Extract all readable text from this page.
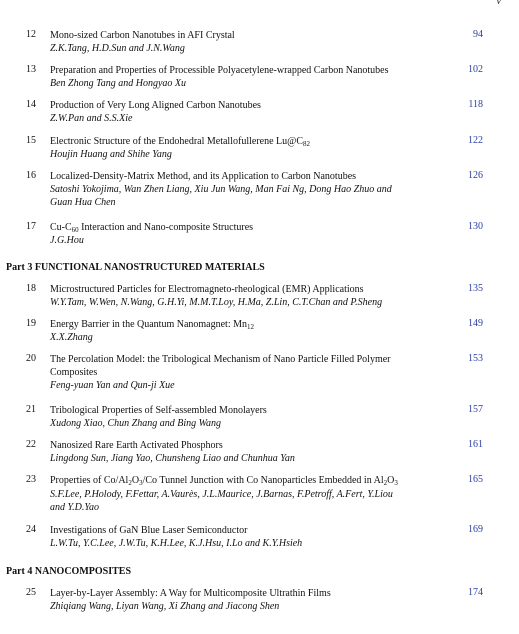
v
12 Mono-sized Carbon Nanotubes in AFI Crystal
Z.K.Tang, H.D.Sun and J.N.Wang
94
13 Preparation and Properties of Processible Polyacetylene-wrapped Carbon Nanotubes
Ben Zhong Tang and Hongyao Xu
102
14 Production of Very Long Aligned Carbon Nanotubes
Z.W.Pan and S.S.Xie
118
15 Electronic Structure of the Endohedral Metallofullerene $Lu@C_{82}$
Houjin Huang and Shihe Yang
122
16 Localized-Density-Matrix Method, and its Application to Carbon Nanotubes
Satoshi Yokojima, Wan Zhen Liang, Xiu Jun Wang, Man Fai Ng, Dong Hao Zhuo and
Guan Hua Chen
126
17 $Cu-C_{60}$ Interaction and Nano-composite Structures
J.G.Hou
130
Part 3 FUNCTIONAL NANOSTRUCTURED MATERIALS
18 Microstructured Particles for Electromagneto-rheological (EMR) Applications
W.Y.Tam, W.Wen, N.Wang, G.H.Yi, M.M.T.Loy, H.Ma, Z.Lin, C.T.Chan and P.Sheng
135
19 Energy Barrier in the Quantum Nanomagnet: $Mn_{12}$
X.X.Zhang
149
20 The Percolation Model: the Tribological Mechanism of Nano Particle Filled Polymer
Composites
Feng-yuan Yan and Qun-ji Xue
153
21 Tribological Properties of Self-assembled Monolayers
Xudong Xiao, Chun Zhang and Bing Wang
157
22 Nanosized Rare Earth Activated Phosphors
Lingdong Sun, Jiang Yao, Chunsheng Liao and Chunhua Yan
161
23 Properties of $Co/Al_2O_3/Co$ Tunnel Junction with Co Nanoparticles Embedded in $Al_2O_3$
S.F.Lee, P.Holody, F.Fettar, A.Vaurès, J.L.Maurice, J.Barnas, F.Petroff, A.Fert, Y.Liou
and Y.D.Yao
165
24 Investigations of GaN Blue Laser Semiconductor
L.W.Tu, Y.C.Lee, J.W.Tu, K.H.Lee, K.J.Hsu, I.Lo and K.Y.Hsieh
169
Part 4 NANOCOMPOSITES
25 Layer-by-Layer Assembly: A Way for Multicomposite Ultrathin Films
Zhiqiang Wang, Liyan Wang, Xi Zhang and Jiacong Shen
174
